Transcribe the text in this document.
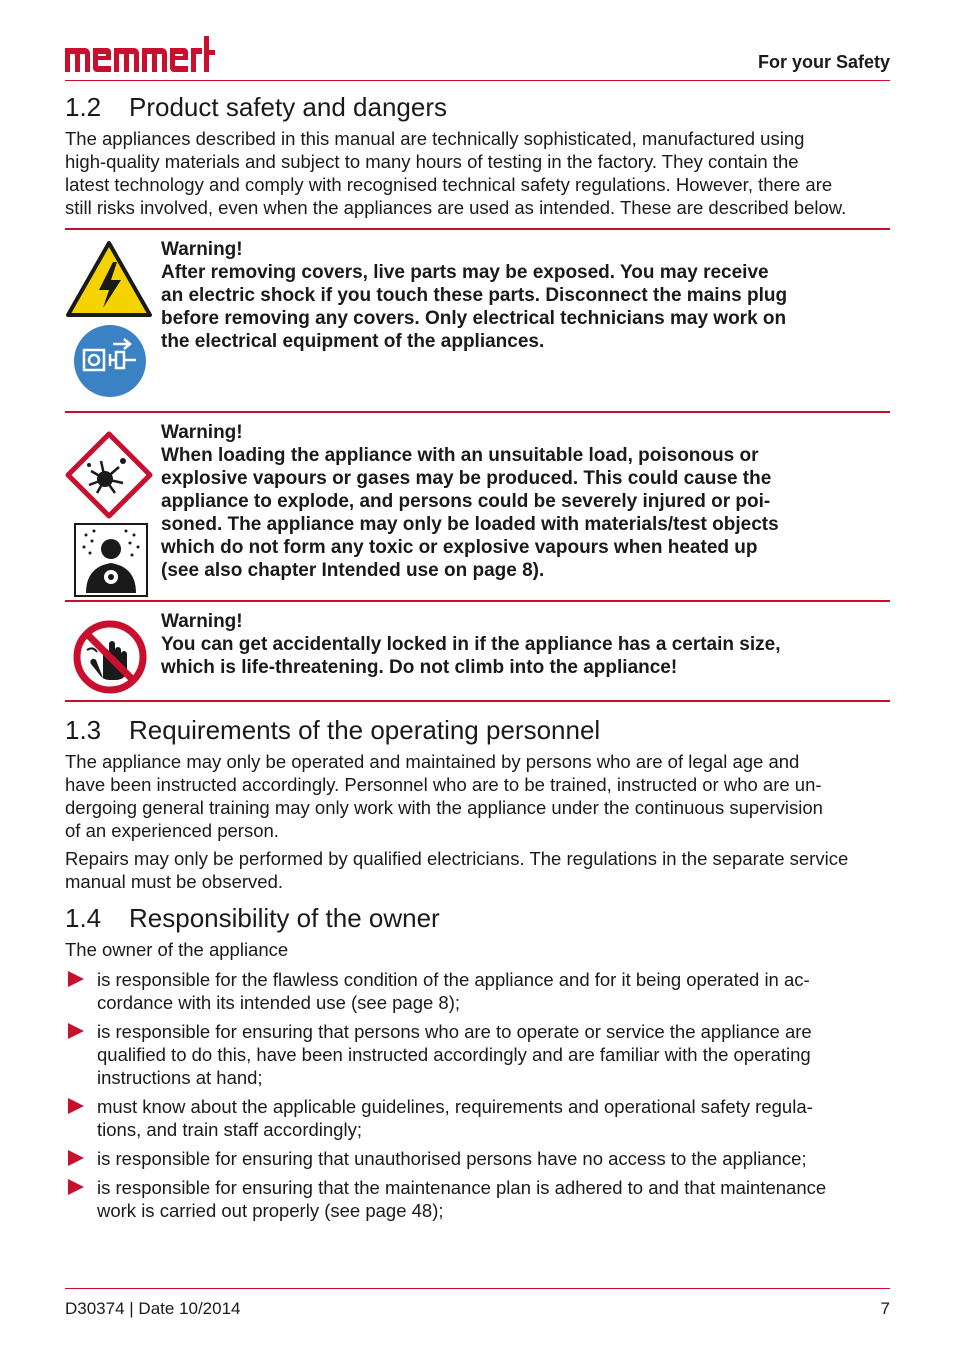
For your Safety
1.2 Product safety and dangers

The appliances described in this manual are technically sophisticated, manufactured using
high-quality materials and subject to many hours of testing in the factory. They contain the
latest technology and comply with recognised technical safety regulations. However, there are
still risks involved, even when the appliances are used as intended. These are described below.

Warning!
After removing covers, live parts may be exposed. You may receive
an electric shock if you touch these parts. Disconnect the mains plug
before removing any covers. Only electrical technicians may work on
the electrical equipment of the appliances.
Warning!
When loading the appliance with an unsuitable load, poisonous or
explosive vapours or gases may be produced. This could cause the
appliance to explode, and persons could be severely injured or poi-
soned. The appliance may only be loaded with materials/test objects
which do not form any toxic or explosive vapours when heated up
(see also chapter Intended use on page 8).
Warning!
You can get accidentally locked in if the appliance has a certain size,
which is life-threatening. Do not climb into the appliance!
1.3 Requirements of the operating personnel

The appliance may only be operated and maintained by persons who are of legal age and
have been instructed accordingly. Personnel who are to be trained, instructed or who are un-
dergoing general training may only work with the appliance under the continuous supervision
of an experienced person.

Repairs may only be performed by qualified electricians. The regulations in the separate service
manual must be observed.

1.4 Responsibility of the owner

The owner of the appliance

is responsible for the flawless condition of the appliance and for it being operated in ac-
cordance with its intended use (see page 8);
is responsible for ensuring that persons who are to operate or service the appliance are
qualified to do this, have been instructed accordingly and are familiar with the operating
instructions at hand;
must know about the applicable guidelines, requirements and operational safety regula-
tions, and train staff accordingly;
is responsible for ensuring that unauthorised persons have no access to the appliance;
is responsible for ensuring that the maintenance plan is adhered to and that maintenance
work is carried out properly (see page 48);
D30374 | Date 10/2014	7
